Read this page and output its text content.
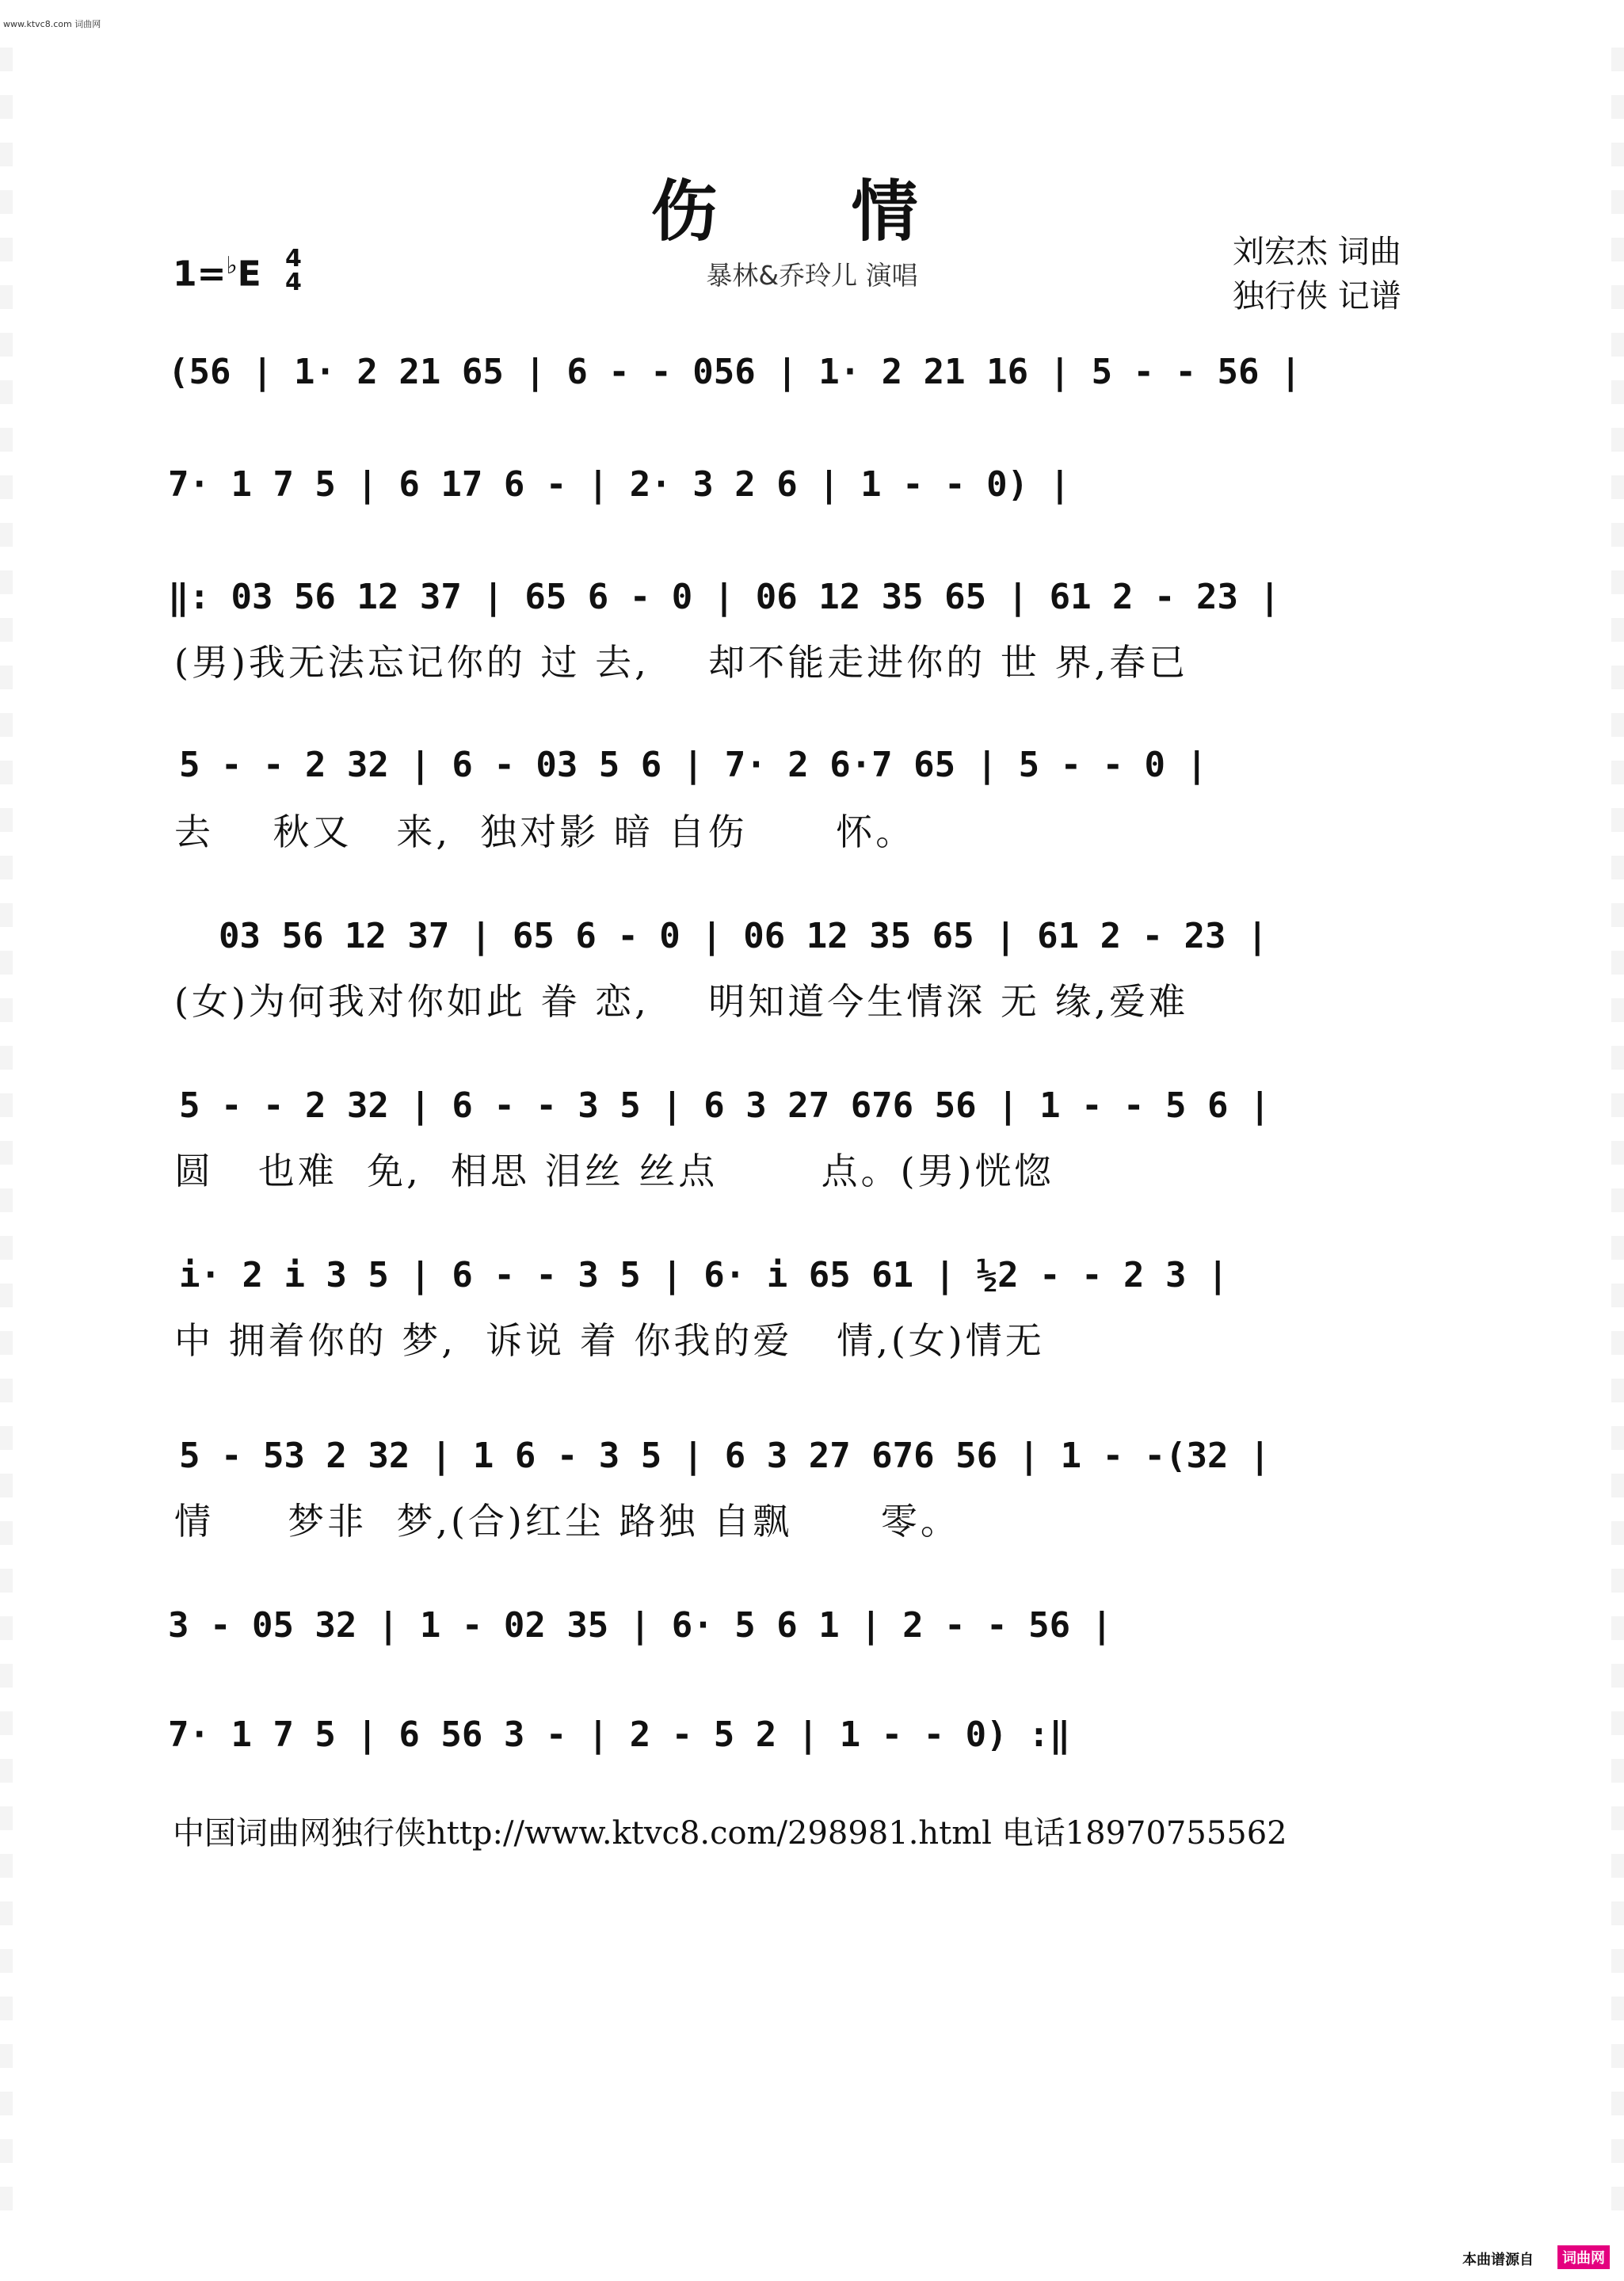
www.ktvc8.com 词曲网
伤 情
暴林&乔玲儿 演唱
1=♭E 4
4
刘宏杰 词曲
独行侠 记谱
(56 | 1· 2 21 65 | 6 - - 056 | 1· 2 21 16 | 5 - - 56 |
7· 1 7 5 | 6 17 6 - | 2· 3 2 6 | 1 - - 0) |
‖: 03 56 12 37 | 65 6 - 0 | 06 12 35 65 | 61 2 - 23 |
(男)我无法忘记你的 过 去,    却不能走进你的 世 界,春已
5 - - 2 32 | 6 - 03 5 6 | 7· 2 6·7 65 | 5 - - 0 |
去    秋又   来,  独对影 暗 自伤      怀。
03 56 12 37 | 65 6 - 0 | 06 12 35 65 | 61 2 - 23 |
(女)为何我对你如此 眷 恋,    明知道今生情深 无 缘,爱难
5 - - 2 32 | 6 - - 3 5 | 6 3 27 676 56 | 1 - - 5 6 |
圆   也难  免,  相思 泪丝 丝点       点。(男)恍惚
i· 2 i 3 5 | 6 - - 3 5 | 6· i 65 61 | ½2 - - 2 3 |
中 拥着你的 梦,  诉说 着 你我的爱   情,(女)情无
5 - 53 2 32 | 1 6 - 3 5 | 6 3 27 676 56 | 1 - -(32 |
情     梦非  梦,(合)红尘 路独 自飘      零。
3 - 05 32 | 1 - 02 35 | 6· 5 6 1 | 2 - - 56 |
7· 1 7 5 | 6 56 3 - | 2 - 5 2 | 1 - - 0) :‖
中国词曲网独行侠http://www.ktvc8.com/298981.html 电话18970755562
本曲谱源自	词曲网
